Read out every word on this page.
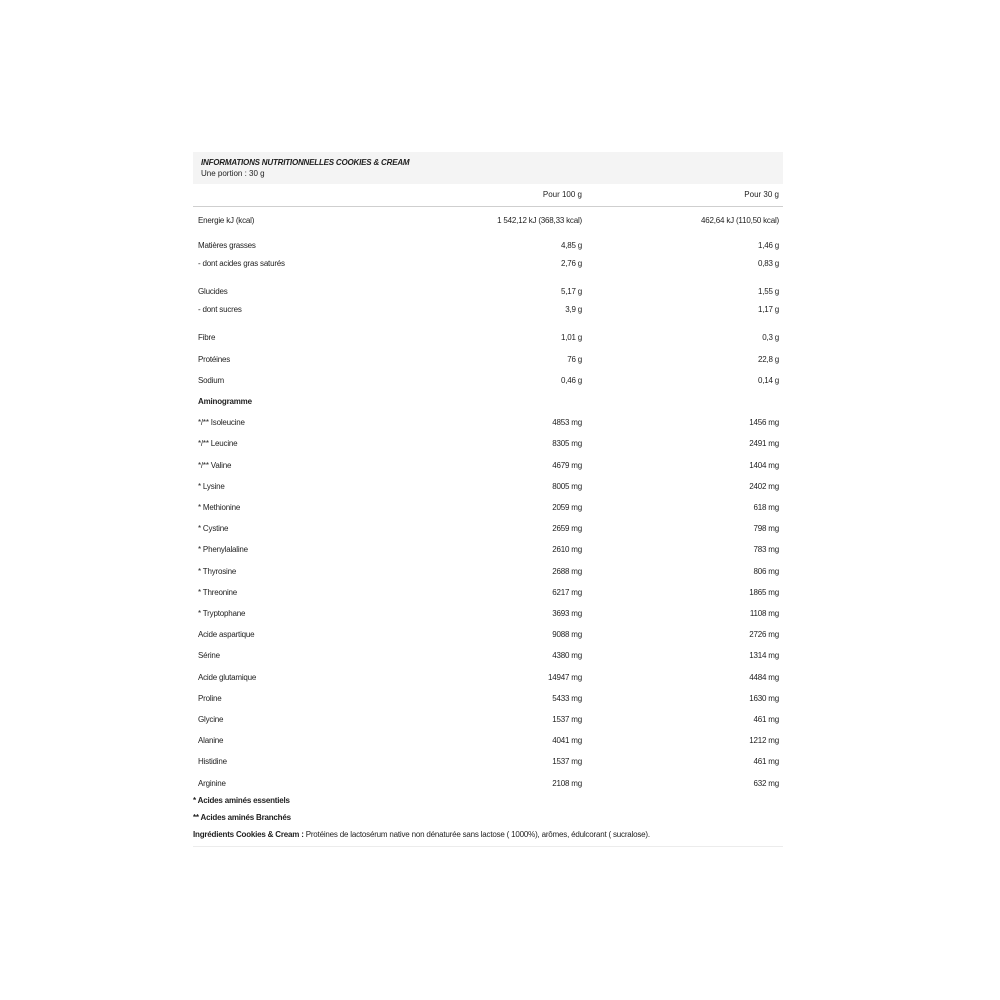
INFORMATIONS NUTRITIONNELLES COOKIES & CREAM
Une portion : 30 g
Pour 100 g	Pour 30 g
Energie kJ (kcal)	1 542,12 kJ (368,33 kcal)	462,64 kJ (110,50 kcal)
Matières grasses	4,85 g	1,46 g
- dont acides gras saturés	2,76 g	0,83 g
Glucides	5,17 g	1,55 g
- dont sucres	3,9 g	1,17 g
Fibre	1,01 g	0,3 g
Protéines	76 g	22,8 g
Sodium	0,46 g	0,14 g
Aminogramme
*/** Isoleucine	4853 mg	1456 mg
*/** Leucine	8305 mg	2491 mg
*/** Valine	4679 mg	1404 mg
* Lysine	8005 mg	2402 mg
* Methionine	2059 mg	618 mg
* Cystine	2659 mg	798 mg
* Phenylalaline	2610 mg	783 mg
* Thyrosine	2688 mg	806 mg
* Threonine	6217 mg	1865 mg
* Tryptophane	3693 mg	1108 mg
Acide aspartique	9088 mg	2726 mg
Sérine	4380 mg	1314 mg
Acide glutamique	14947 mg	4484 mg
Proline	5433 mg	1630 mg
Glycine	1537 mg	461 mg
Alanine	4041 mg	1212 mg
Histidine	1537 mg	461 mg
Arginine	2108 mg	632 mg
* Acides aminés essentiels
** Acides aminés Branchés
Ingrédients Cookies & Cream : Protéines de lactosérum native non dénaturée sans lactose ( 1000%), arômes, édulcorant ( sucralose).
